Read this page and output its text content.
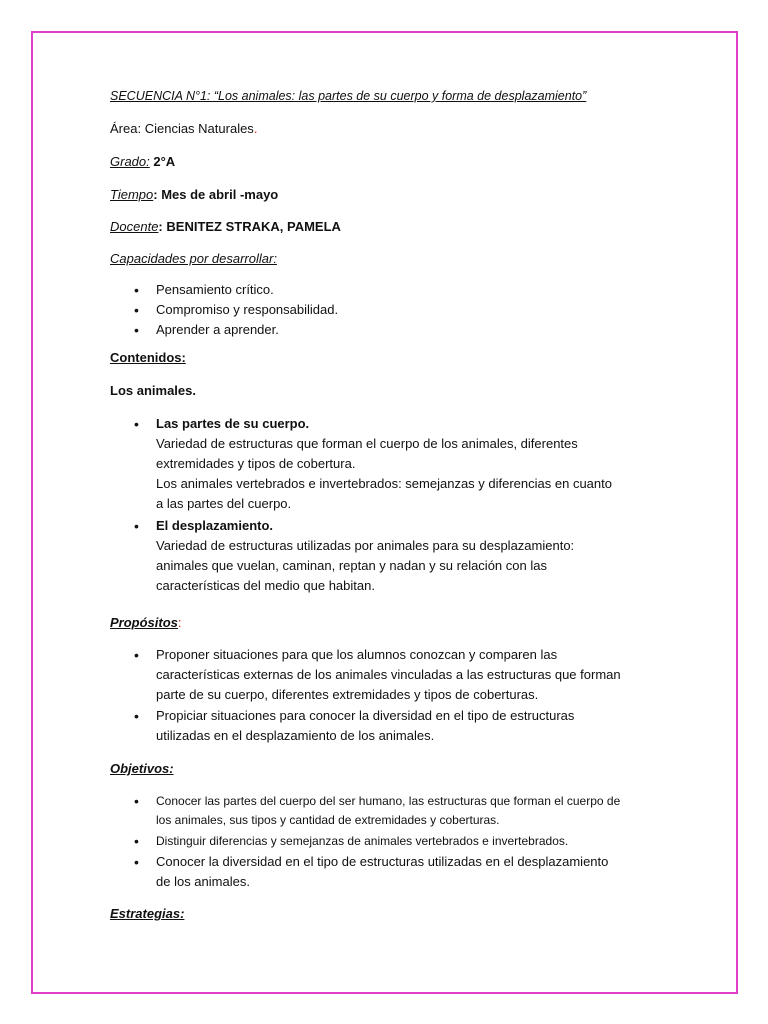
SECUENCIA N°1: “Los animales: las partes de su cuerpo y forma de desplazamiento”

Área: Ciencias Naturales.

Grado: 2°A

Tiempo: Mes de abril -mayo

Docente: BENITEZ STRAKA, PAMELA

Capacidades por desarrollar:

• Pensamiento crítico.
• Compromiso y responsabilidad.
• Aprender a aprender.

Contenidos:

Los animales.

• Las partes de su cuerpo.
Variedad de estructuras que forman el cuerpo de los animales, diferentes
extremidades y tipos de cobertura.
Los animales vertebrados e invertebrados: semejanzas y diferencias en cuanto
a las partes del cuerpo.
• El desplazamiento.
Variedad de estructuras utilizadas por animales para su desplazamiento:
animales que vuelan, caminan, reptan y nadan y su relación con las
características del medio que habitan.

Propósitos:

• Proponer situaciones para que los alumnos conozcan y comparen las
características externas de los animales vinculadas a las estructuras que forman
parte de su cuerpo, diferentes extremidades y tipos de coberturas.
• Propiciar situaciones para conocer la diversidad en el tipo de estructuras
utilizadas en el desplazamiento de los animales.

Objetivos:

• Conocer las partes del cuerpo del ser humano, las estructuras que forman el cuerpo de
los animales, sus tipos y cantidad de extremidades y coberturas.
• Distinguir diferencias y semejanzas de animales vertebrados e invertebrados.
• Conocer la diversidad en el tipo de estructuras utilizadas en el desplazamiento
de los animales.

Estrategias:
